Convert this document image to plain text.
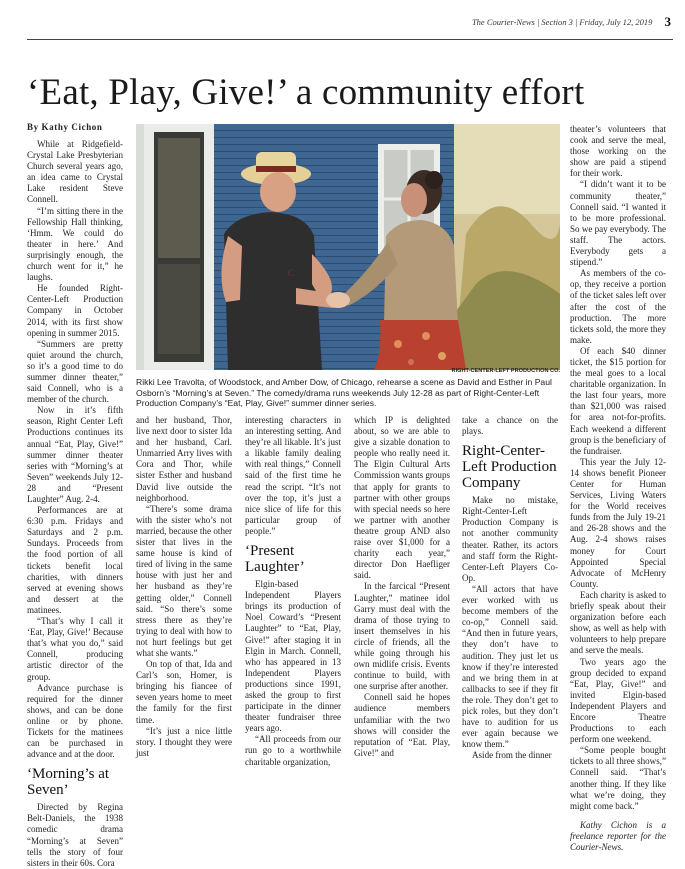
The Courier-News | Section 3 | Friday, July 12, 2019 3
‘Eat, Play, Give!’ a community effort
By Kathy Cichon

While at Ridgefield-Crystal Lake Presbyterian Church several years ago, an idea came to Crystal Lake resident Steve Connell.

“I’m sitting there in the Fellowship Hall thinking, ‘Hmm. We could do theater in here.’ And surprisingly enough, the church went for it,” he laughs.

He founded Right-Center-Left Production Company in October 2014, with its first show opening in summer 2015.

“Summers are pretty quiet around the church, so it’s a good time to do summer dinner theater,” said Connell, who is a member of the church.

Now in it’s fifth season, Right Center Left Productions continues its annual “Eat, Play, Give!” summer dinner theater series with “Morning’s at Seven” weekends July 12-28 and “Present Laughter” Aug. 2-4.

Performances are at 6:30 p.m. Fridays and Saturdays and 2 p.m. Sundays. Proceeds from the food portion of all tickets benefit local charities, with dinners served at evening shows and dessert at the matinees.

“That’s why I call it ‘Eat, Play, Give!’ Because that’s what you do,” said Connell, producing artistic director of the group.

Advance purchase is required for the dinner shows, and can be done online or by phone. Tickets for the matinees can be purchased in advance and at the door.

‘Morning’s at Seven’

Directed by Regina Belt-Daniels, the 1938 comedic drama “Morning’s at Seven” tells the story of four sisters in their 60s. Cora

C
RIGHT-CENTER-LEFT PRODUCTION CO.
Rikki Lee Travolta, of Woodstock, and Amber Dow, of Chicago, rehearse a scene as David and Esther in Paul Osborn’s “Morning’s at Seven.” The comedy/drama runs weekends July 12-28 as part of Right-Center-Left Production Company’s “Eat, Play, Give!” summer dinner series.

and her husband, Thor, live next door to sister Ida and her husband, Carl. Unmarried Arry lives with Cora and Thor, while sister Esther and husband David live outside the neighborhood.

“There’s some drama with the sister who’s not married, because the other sister that lives in the same house is kind of tired of living in the same house with just her and her husband as they’re getting older,” Connell said. “So there’s some stress there as they’re trying to deal with how to not hurt feelings but get what she wants.”

On top of that, Ida and Carl’s son, Homer, is bringing his fiancee of seven years home to meet the family for the first time.

“It’s just a nice little story. I thought they were just

interesting characters in an interesting setting. And they’re all likable. It’s just a likable family dealing with real things,” Connell said of the first time he read the script. “It’s not over the top, it’s just a nice slice of life for this particular group of people.”

‘Present Laughter’

Elgin-based Independent Players brings its production of Noel Coward’s “Present Laughter” to “Eat, Play, Give!” after staging it in Elgin in March. Connell, who has appeared in 13 Independent Players productions since 1991, asked the group to first participate in the dinner theater fundraiser three years ago.

“All proceeds from our run go to a worthwhile charitable organization,

which IP is delighted about, so we are able to give a sizable donation to people who really need it. The Elgin Cultural Arts Commission wants groups that apply for grants to partner with other groups with special needs so here we partner with another theatre group AND also raise over $1,000 for a charity each year,” director Don Haefliger said.

In the farcical “Present Laughter,” matinee idol Garry must deal with the drama of those trying to insert themselves in his circle of friends, all the while going through his own midlife crisis. Events continue to build, with one surprise after another.

Connell said he hopes audience members unfamiliar with the two shows will consider the reputation of “Eat. Play, Give!” and

take a chance on the plays.

Right-Center-Left Production Company

Make no mistake, Right-Center-Left Production Company is not another community theater. Rather, its actors and staff form the Right-Center-Left Players Co-Op.

“All actors that have ever worked with us become members of the co-op,” Connell said. “And then in future years, they don’t have to audition. They just let us know if they’re interested and we bring them in at callbacks to see if they fit the role. They don’t get to pick roles, but they don’t have to audition for us ever again because we know them.”

Aside from the dinner

theater’s volunteers that cook and serve the meal, those working on the show are paid a stipend for their work.

“I didn’t want it to be community theater,” Connell said. “I wanted it to be more professional. So we pay everybody. The staff. The actors. Everybody gets a stipend.”

As members of the co-op, they receive a portion of the ticket sales left over after the cost of the production. The more tickets sold, the more they make.

Of each $40 dinner ticket, the $15 portion for the meal goes to a local charitable organization. In the last four years, more than $21,000 was raised for area not-for-profits. Each weekend a different group is the beneficiary of the fundraiser.

This year the July 12-14 shows benefit Pioneer Center for Human Services, Living Waters for the World receives funds from the July 19-21 and 26-28 shows and the Aug. 2-4 shows raises money for Court Appointed Special Advocate of McHenry County.

Each charity is asked to briefly speak about their organization before each show, as well as help with volunteers to help prepare and serve the meals.

Two years ago the group decided to expand “Eat, Play, Give!” and invited Elgin-based Independent Players and Encore Theatre Productions to each perform one weekend.

“Some people bought tickets to all three shows,” Connell said. “That’s another thing. If they like what we’re doing, they might come back.”

Kathy Cichon is a freelance reporter for the Courier-News.
